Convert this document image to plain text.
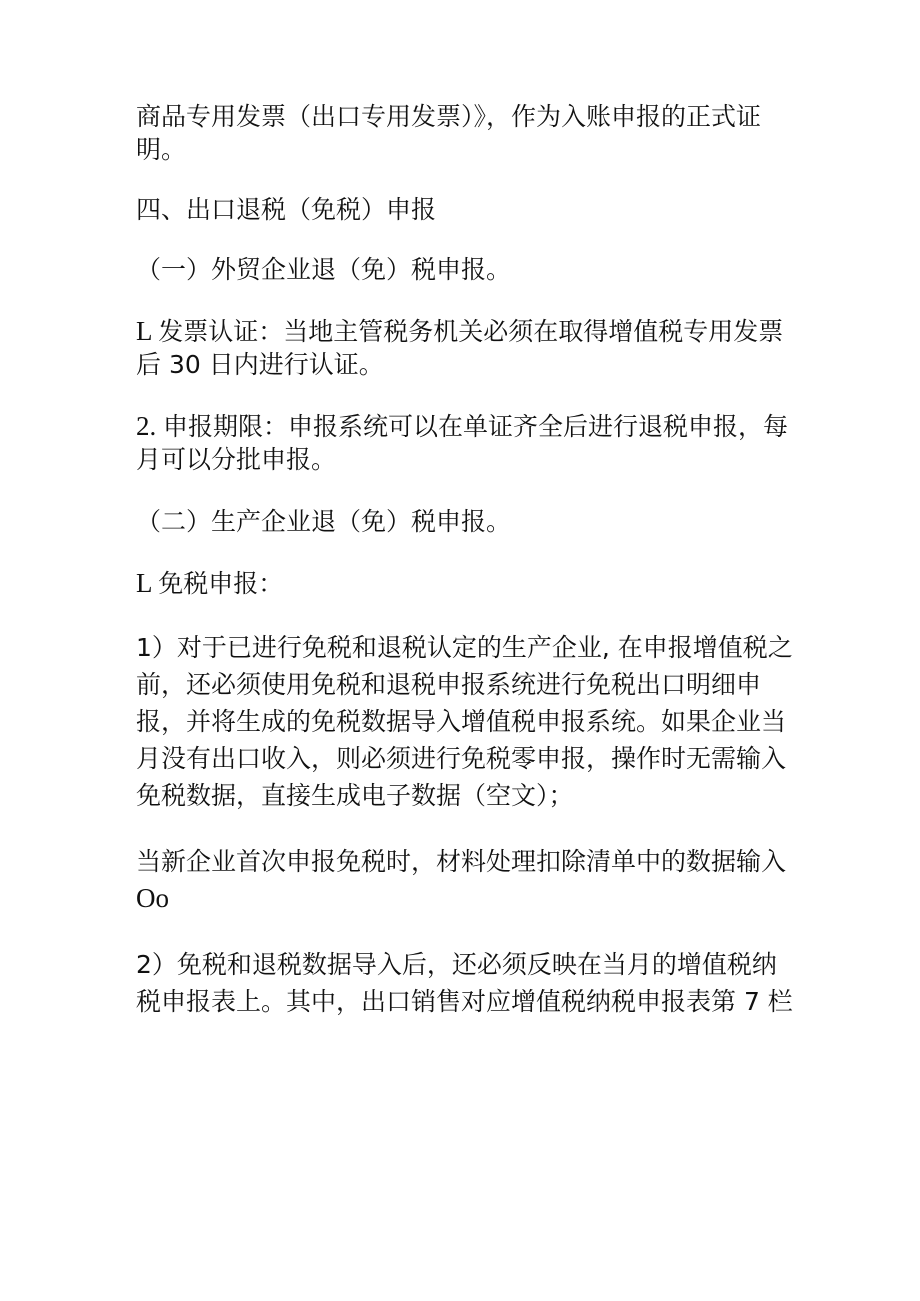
商品专用发票（出口专用发票）》，作为入账申报的正式证
明。

四、出口退税（免税）申报

（一）外贸企业退（免）税申报。

L 发票认证：当地主管税务机关必须在取得增值税专用发票
后 30 日内进行认证。

2. 申报期限：申报系统可以在单证齐全后进行退税申报，每
月可以分批申报。

（二）生产企业退（免）税申报。

L 免税申报：

1）对于已进行免税和退税认定的生产企业, 在申报增值税之
前，还必须使用免税和退税申报系统进行免税出口明细申
报，并将生成的免税数据导入增值税申报系统。如果企业当
月没有出口收入，则必须进行免税零申报，操作时无需输入
免税数据，直接生成电子数据（空文）；

当新企业首次申报免税时，材料处理扣除清单中的数据输入
Oo

2）免税和退税数据导入后，还必须反映在当月的增值税纳
税申报表上。其中，出口销售对应增值税纳税申报表第 7 栏
